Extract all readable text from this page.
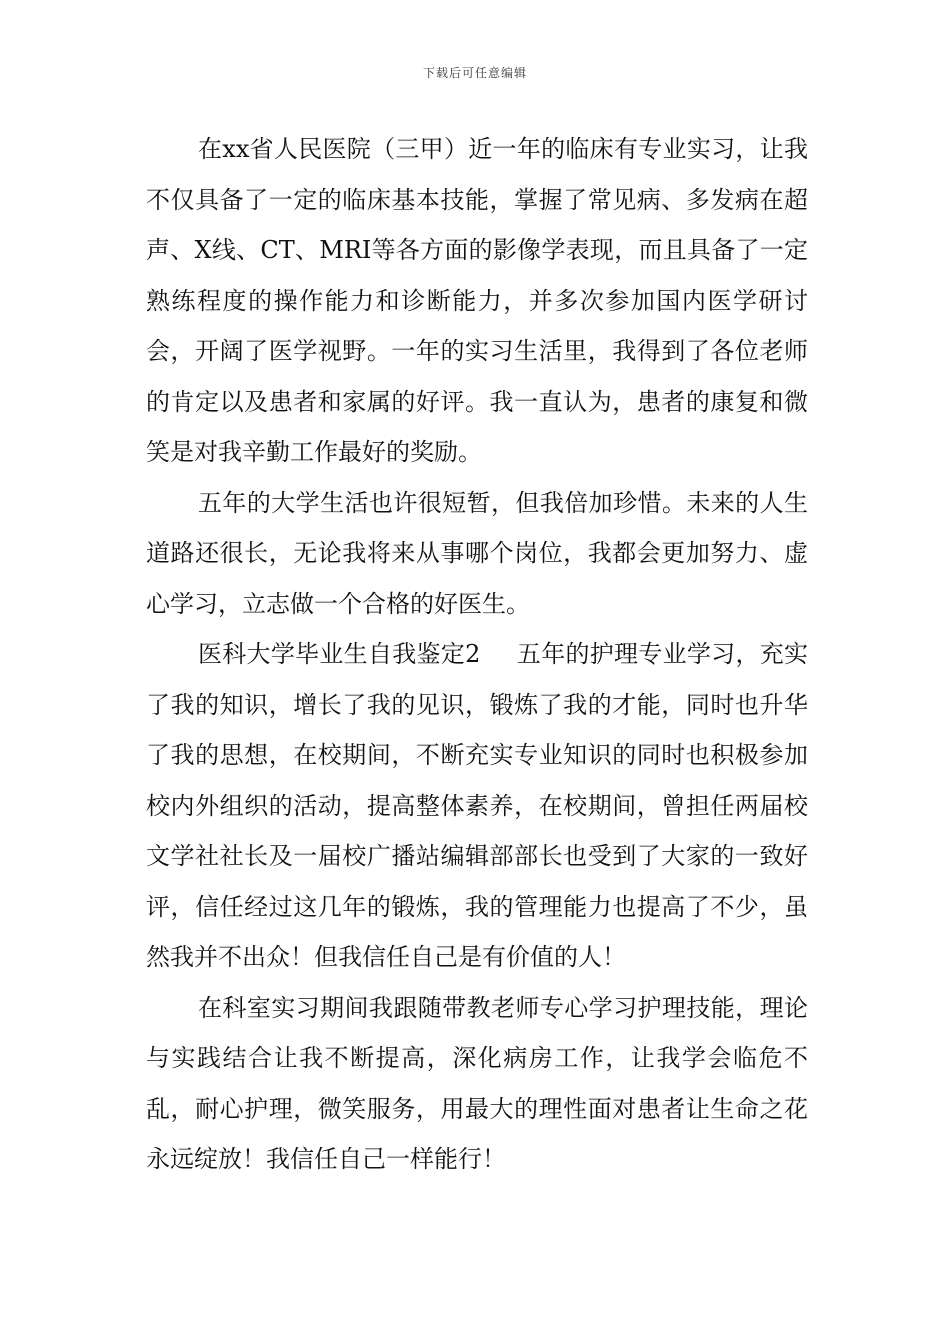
下载后可任意编辑

在xx省人民医院（三甲）近一年的临床有专业实习，让我不仅具备了一定的临床基本技能，掌握了常见病、多发病在超声、X线、CT、MRI等各方面的影像学表现，而且具备了一定熟练程度的操作能力和诊断能力，并多次参加国内医学研讨会，开阔了医学视野。一年的实习生活里，我得到了各位老师的肯定以及患者和家属的好评。我一直认为，患者的康复和微笑是对我辛勤工作最好的奖励。

五年的大学生活也许很短暂，但我倍加珍惜。未来的人生道路还很长，无论我将来从事哪个岗位，我都会更加努力、虚心学习，立志做一个合格的好医生。

医科大学毕业生自我鉴定2　五年的护理专业学习，充实了我的知识，增长了我的见识，锻炼了我的才能，同时也升华了我的思想，在校期间，不断充实专业知识的同时也积极参加校内外组织的活动，提高整体素养，在校期间，曾担任两届校文学社社长及一届校广播站编辑部部长也受到了大家的一致好评，信任经过这几年的锻炼，我的管理能力也提高了不少，虽然我并不出众！但我信任自己是有价值的人！

在科室实习期间我跟随带教老师专心学习护理技能，理论与实践结合让我不断提高，深化病房工作，让我学会临危不乱，耐心护理，微笑服务，用最大的理性面对患者让生命之花永远绽放！我信任自己一样能行！
